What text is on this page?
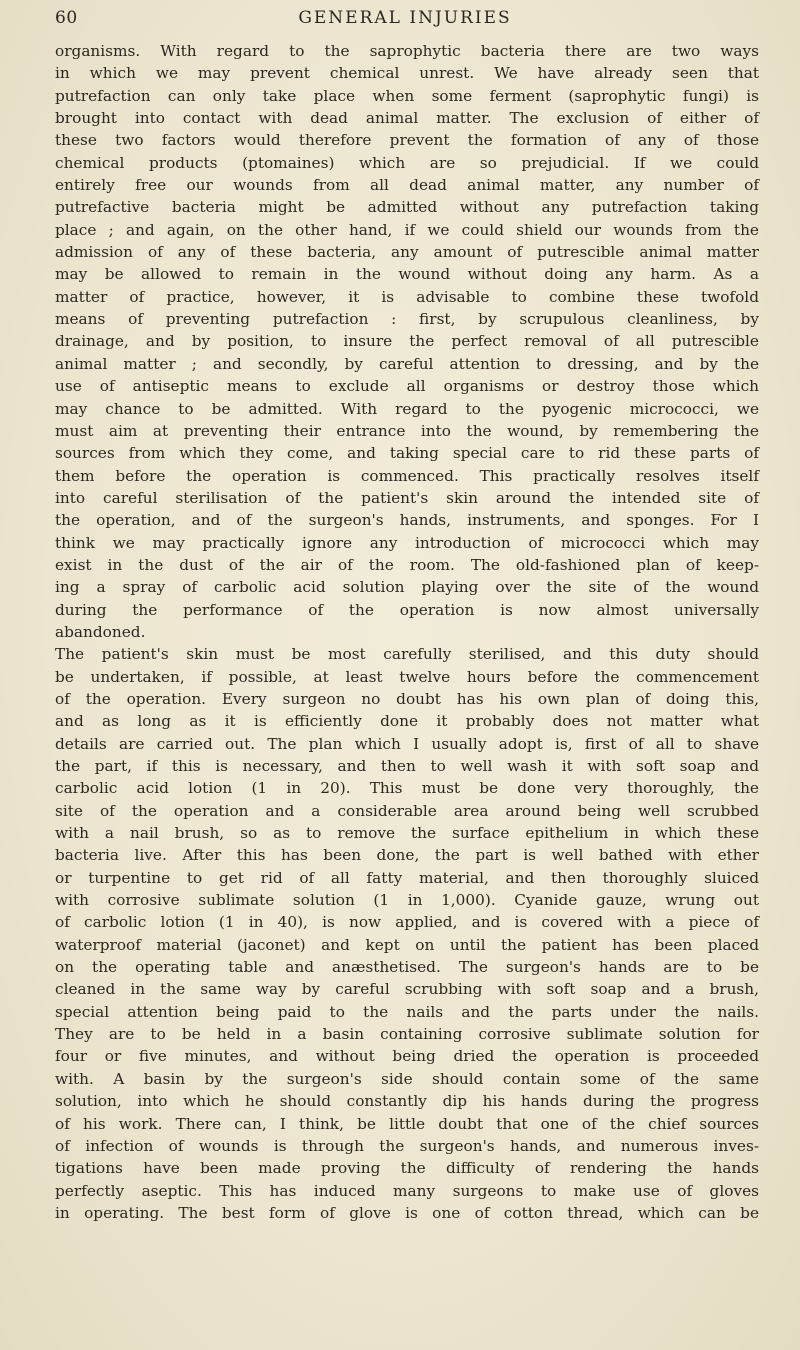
60	GENERAL INJURIES
organisms. With regard to the saprophytic bacteria there are two ways
in which we may prevent chemical unrest. We have already seen that
putrefaction can only take place when some ferment (saprophytic fungi) is
brought into contact with dead animal matter. The exclusion of either of
these two factors would therefore prevent the formation of any of those
chemical products (ptomaines) which are so prejudicial. If we could
entirely free our wounds from all dead animal matter, any number of
putrefactive bacteria might be admitted without any putrefaction taking
place ; and again, on the other hand, if we could shield our wounds from the
admission of any of these bacteria, any amount of putrescible animal matter
may be allowed to remain in the wound without doing any harm. As a
matter of practice, however, it is advisable to combine these twofold
means of preventing putrefaction : first, by scrupulous cleanliness, by
drainage, and by position, to insure the perfect removal of all putrescible
animal matter ; and secondly, by careful attention to dressing, and by the
use of antiseptic means to exclude all organisms or destroy those which
may chance to be admitted. With regard to the pyogenic micrococci, we
must aim at preventing their entrance into the wound, by remembering the
sources from which they come, and taking special care to rid these parts of
them before the operation is commenced. This practically resolves itself
into careful sterilisation of the patient's skin around the intended site of
the operation, and of the surgeon's hands, instruments, and sponges. For I
think we may practically ignore any introduction of micrococci which may
exist in the dust of the air of the room. The old-fashioned plan of keep-
ing a spray of carbolic acid solution playing over the site of the wound
during the performance of the operation is now almost universally
abandoned.
The patient's skin must be most carefully sterilised, and this duty should
be undertaken, if possible, at least twelve hours before the commencement
of the operation. Every surgeon no doubt has his own plan of doing this,
and as long as it is efficiently done it probably does not matter what
details are carried out. The plan which I usually adopt is, first of all to shave
the part, if this is necessary, and then to well wash it with soft soap and
carbolic acid lotion (1 in 20). This must be done very thoroughly, the
site of the operation and a considerable area around being well scrubbed
with a nail brush, so as to remove the surface epithelium in which these
bacteria live. After this has been done, the part is well bathed with ether
or turpentine to get rid of all fatty material, and then thoroughly sluiced
with corrosive sublimate solution (1 in 1,000). Cyanide gauze, wrung out
of carbolic lotion (1 in 40), is now applied, and is covered with a piece of
waterproof material (jaconet) and kept on until the patient has been placed
on the operating table and anæsthetised. The surgeon's hands are to be
cleaned in the same way by careful scrubbing with soft soap and a brush,
special attention being paid to the nails and the parts under the nails.
They are to be held in a basin containing corrosive sublimate solution for
four or five minutes, and without being dried the operation is proceeded
with. A basin by the surgeon's side should contain some of the same
solution, into which he should constantly dip his hands during the progress
of his work. There can, I think, be little doubt that one of the chief sources
of infection of wounds is through the surgeon's hands, and numerous inves-
tigations have been made proving the difficulty of rendering the hands
perfectly aseptic. This has induced many surgeons to make use of gloves
in operating. The best form of glove is one of cotton thread, which can be
